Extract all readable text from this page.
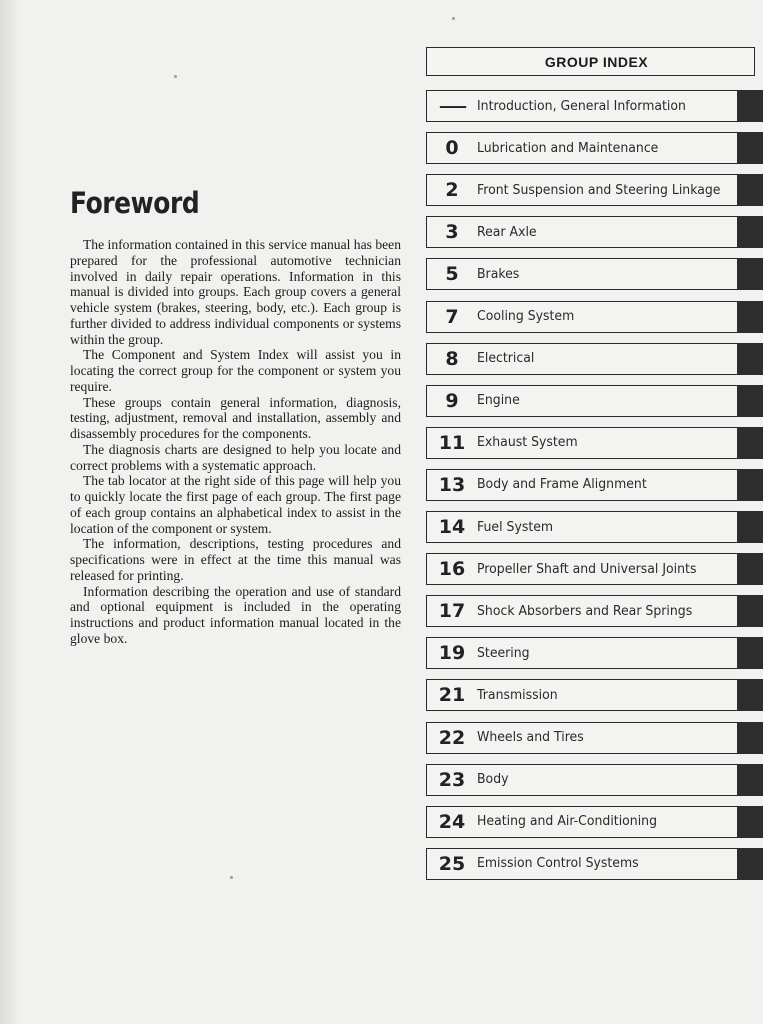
Foreword

The information contained in this service manual has been prepared for the professional automotive technician involved in daily repair operations. Information in this manual is divided into groups. Each group covers a general vehicle system (brakes, steering, body, etc.). Each group is further divided to address individual components or systems within the group.

The Component and System Index will assist you in locating the correct group for the component or system you require.

These groups contain general information, diagnosis, testing, adjustment, removal and installation, assembly and disassembly procedures for the components.

The diagnosis charts are designed to help you locate and correct problems with a systematic approach.

The tab locator at the right side of this page will help you to quickly locate the first page of each group. The first page of each group contains an alphabetical index to assist in the location of the component or system.

The information, descriptions, testing procedures and specifications were in effect at the time this manual was released for printing.

Information describing the operation and use of standard and optional equipment is included in the operating instructions and product information manual located in the glove box.

GROUP INDEX
—— Introduction, General Information
0	Lubrication and Maintenance
2	Front Suspension and Steering Linkage
3	Rear Axle
5	Brakes
7	Cooling System
8	Electrical
9	Engine
11 Exhaust System
13 Body and Frame Alignment
14 Fuel System
16 Propeller Shaft and Universal Joints
17 Shock Absorbers and Rear Springs
19 Steering
21 Transmission
22 Wheels and Tires
23 Body
24 Heating and Air-Conditioning
25 Emission Control Systems
